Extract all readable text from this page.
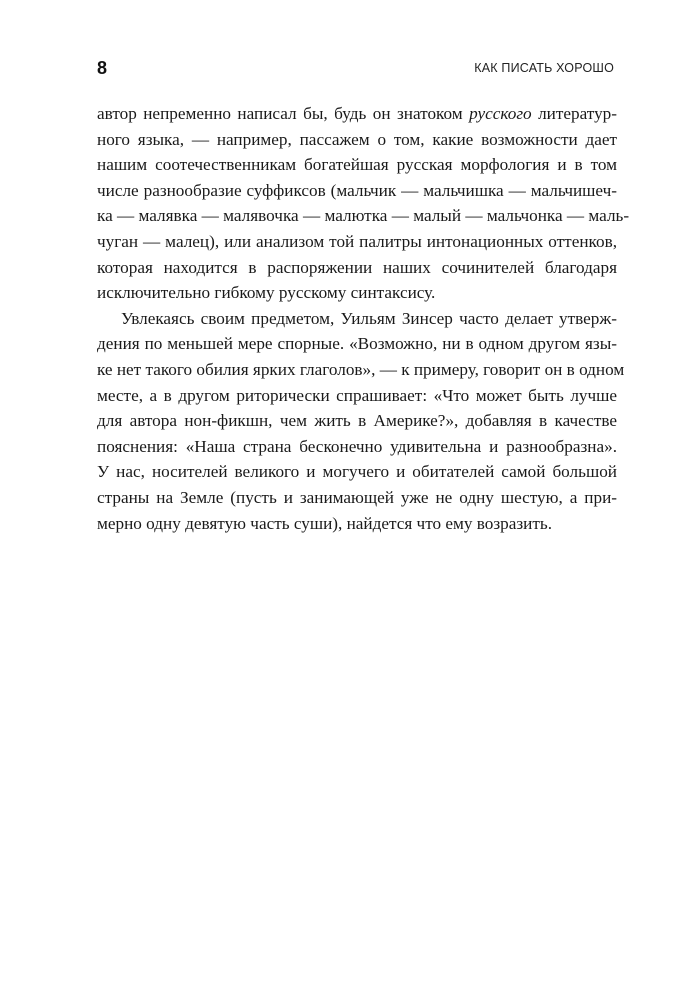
8	КАК ПИСАТЬ ХОРОШО
автор непременно написал бы, будь он знатоком русского литератур-
ного языка, — например, пассажем о том, какие возможности дает
нашим соотечественникам богатейшая русская морфология и в том
числе разнообразие суффиксов (мальчик — мальчишка — мальчишеч-
ка — малявка — малявочка — малютка — малый — мальчонка — маль-
чуган — малец), или анализом той палитры интонационных оттенков,
которая находится в распоряжении наших сочинителей благодаря
исключительно гибкому русскому синтаксису.
Увлекаясь своим предметом, Уильям Зинсер часто делает утверж-
дения по меньшей мере спорные. «Возможно, ни в одном другом язы-
ке нет такого обилия ярких глаголов», — к примеру, говорит он в одном
месте, а в другом риторически спрашивает: «Что может быть лучше
для автора нон-фикшн, чем жить в Америке?», добавляя в качестве
пояснения: «Наша страна бесконечно удивительна и разнообразна».
У нас, носителей великого и могучего и обитателей самой большой
страны на Земле (пусть и занимающей уже не одну шестую, а при-
мерно одну девятую часть суши), найдется что ему возразить.
